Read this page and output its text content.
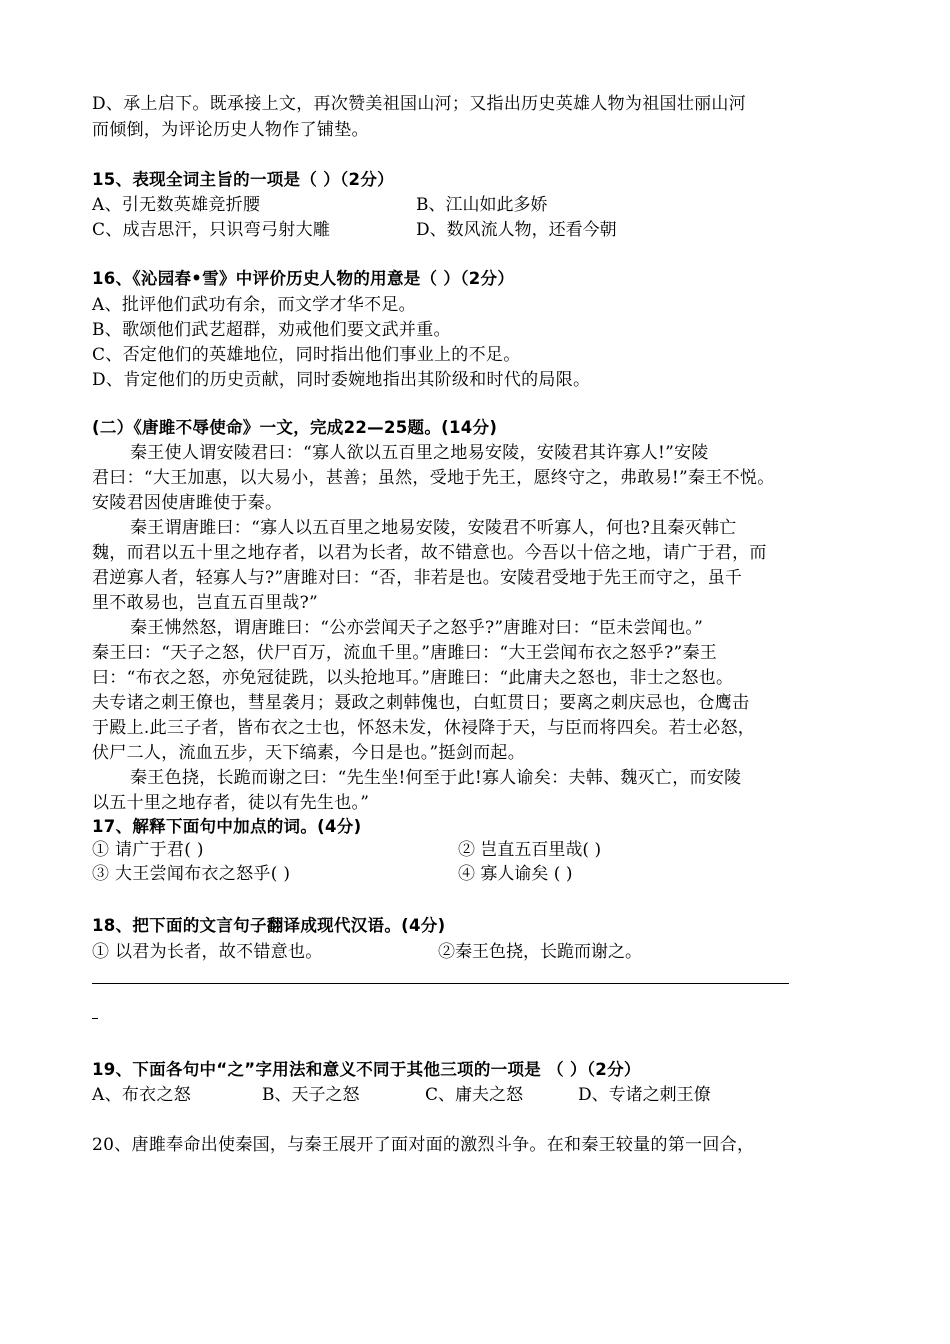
D、承上启下。既承接上文，再次赞美祖国山河；又指出历史英雄人物为祖国壮丽山河
而倾倒，为评论历史人物作了铺垫。
15、表现全词主旨的一项是（ ）（2分）
A、引无数英雄竞折腰	B、江山如此多娇
C、成吉思汗，只识弯弓射大雕	D、数风流人物，还看今朝
16、《沁园春•雪》中评价历史人物的用意是（ ）（2分）
A、批评他们武功有余，而文学才华不足。
B、歌颂他们武艺超群，劝戒他们要文武并重。
C、否定他们的英雄地位，同时指出他们事业上的不足。
D、肯定他们的历史贡献，同时委婉地指出其阶级和时代的局限。
(二）《唐雎不辱使命》一文，完成22—25题。(14分)
秦王使人谓安陵君曰：“寡人欲以五百里之地易安陵，安陵君其许寡人!”安陵
君曰：“大王加惠，以大易小，甚善；虽然，受地于先王，愿终守之，弗敢易!”秦王不悦。
安陵君因使唐雎使于秦。
秦王谓唐雎曰：“寡人以五百里之地易安陵，安陵君不听寡人，何也?且秦灭韩亡
魏，而君以五十里之地存者，以君为长者，故不错意也。今吾以十倍之地，请广于君，而
君逆寡人者，轻寡人与?”唐雎对曰：“否，非若是也。安陵君受地于先王而守之，虽千
里不敢易也，岂直五百里哉?”
秦王怫然怒，谓唐雎曰：“公亦尝闻天子之怒乎?”唐雎对曰：“臣未尝闻也。”
秦王曰：“天子之怒，伏尸百万，流血千里。”唐雎曰：“大王尝闻布衣之怒乎?”秦王
曰：“布衣之怒，亦免冠徒跣，以头抢地耳。”唐雎曰：“此庸夫之怒也，非士之怒也。
夫专诸之刺王僚也，彗星袭月；聂政之刺韩傀也，白虹贯日；要离之刺庆忌也，仓鹰击
于殿上.此三子者，皆布衣之士也，怀怒未发，休祲降于天，与臣而将四矣。若士必怒，
伏尸二人，流血五步，天下缟素，今日是也。”挺剑而起。
秦王色挠，长跪而谢之曰：“先生坐!何至于此!寡人谕矣：夫韩、魏灭亡，而安陵
以五十里之地存者，徒以有先生也。”
17、解释下面句中加点的词。(4分)
① 请广于君( )	② 岂直五百里哉( )
③ 大王尝闻布衣之怒乎( )	④ 寡人谕矣 ( )
18、把下面的文言句子翻译成现代汉语。(4分)
① 以君为长者，故不错意也。	②秦王色挠，长跪而谢之。
19、下面各句中“之”字用法和意义不同于其他三项的一项是 （ ）（2分）
A、布衣之怒	B、天子之怒	C、庸夫之怒	D、专诸之刺王僚
20、唐雎奉命出使秦国，与秦王展开了面对面的激烈斗争。在和秦王较量的第一回合，
